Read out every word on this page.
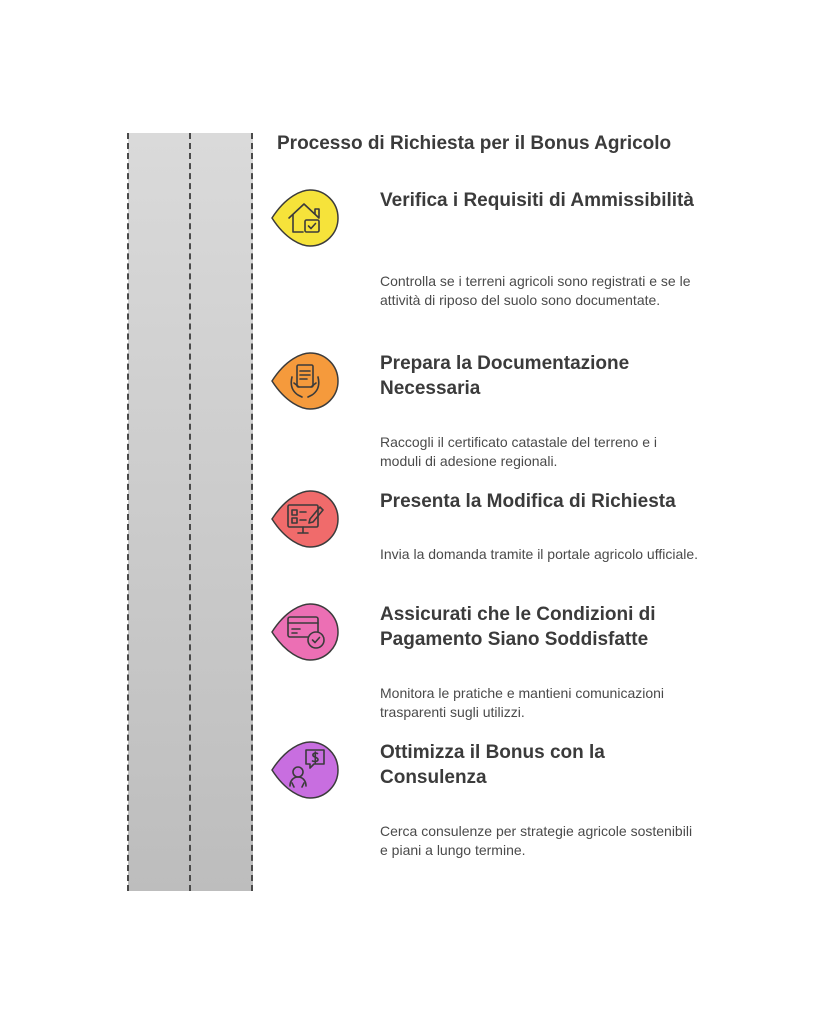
Processo di Richiesta per il Bonus Agricolo
Verifica i Requisiti di Ammissibilità

Controlla se i terreni agricoli sono registrati e se le attività di riposo del suolo sono documentate.

Prepara la Documentazione Necessaria

Raccogli il certificato catastale del terreno e i moduli di adesione regionali.

Presenta la Modifica di Richiesta

Invia la domanda tramite il portale agricolo ufficiale.

Assicurati che le Condizioni di Pagamento Siano Soddisfatte

Monitora le pratiche e mantieni comunicazioni trasparenti sugli utilizzi.

Ottimizza il Bonus con la Consulenza

Cerca consulenze per strategie agricole sostenibili e piani a lungo termine.
